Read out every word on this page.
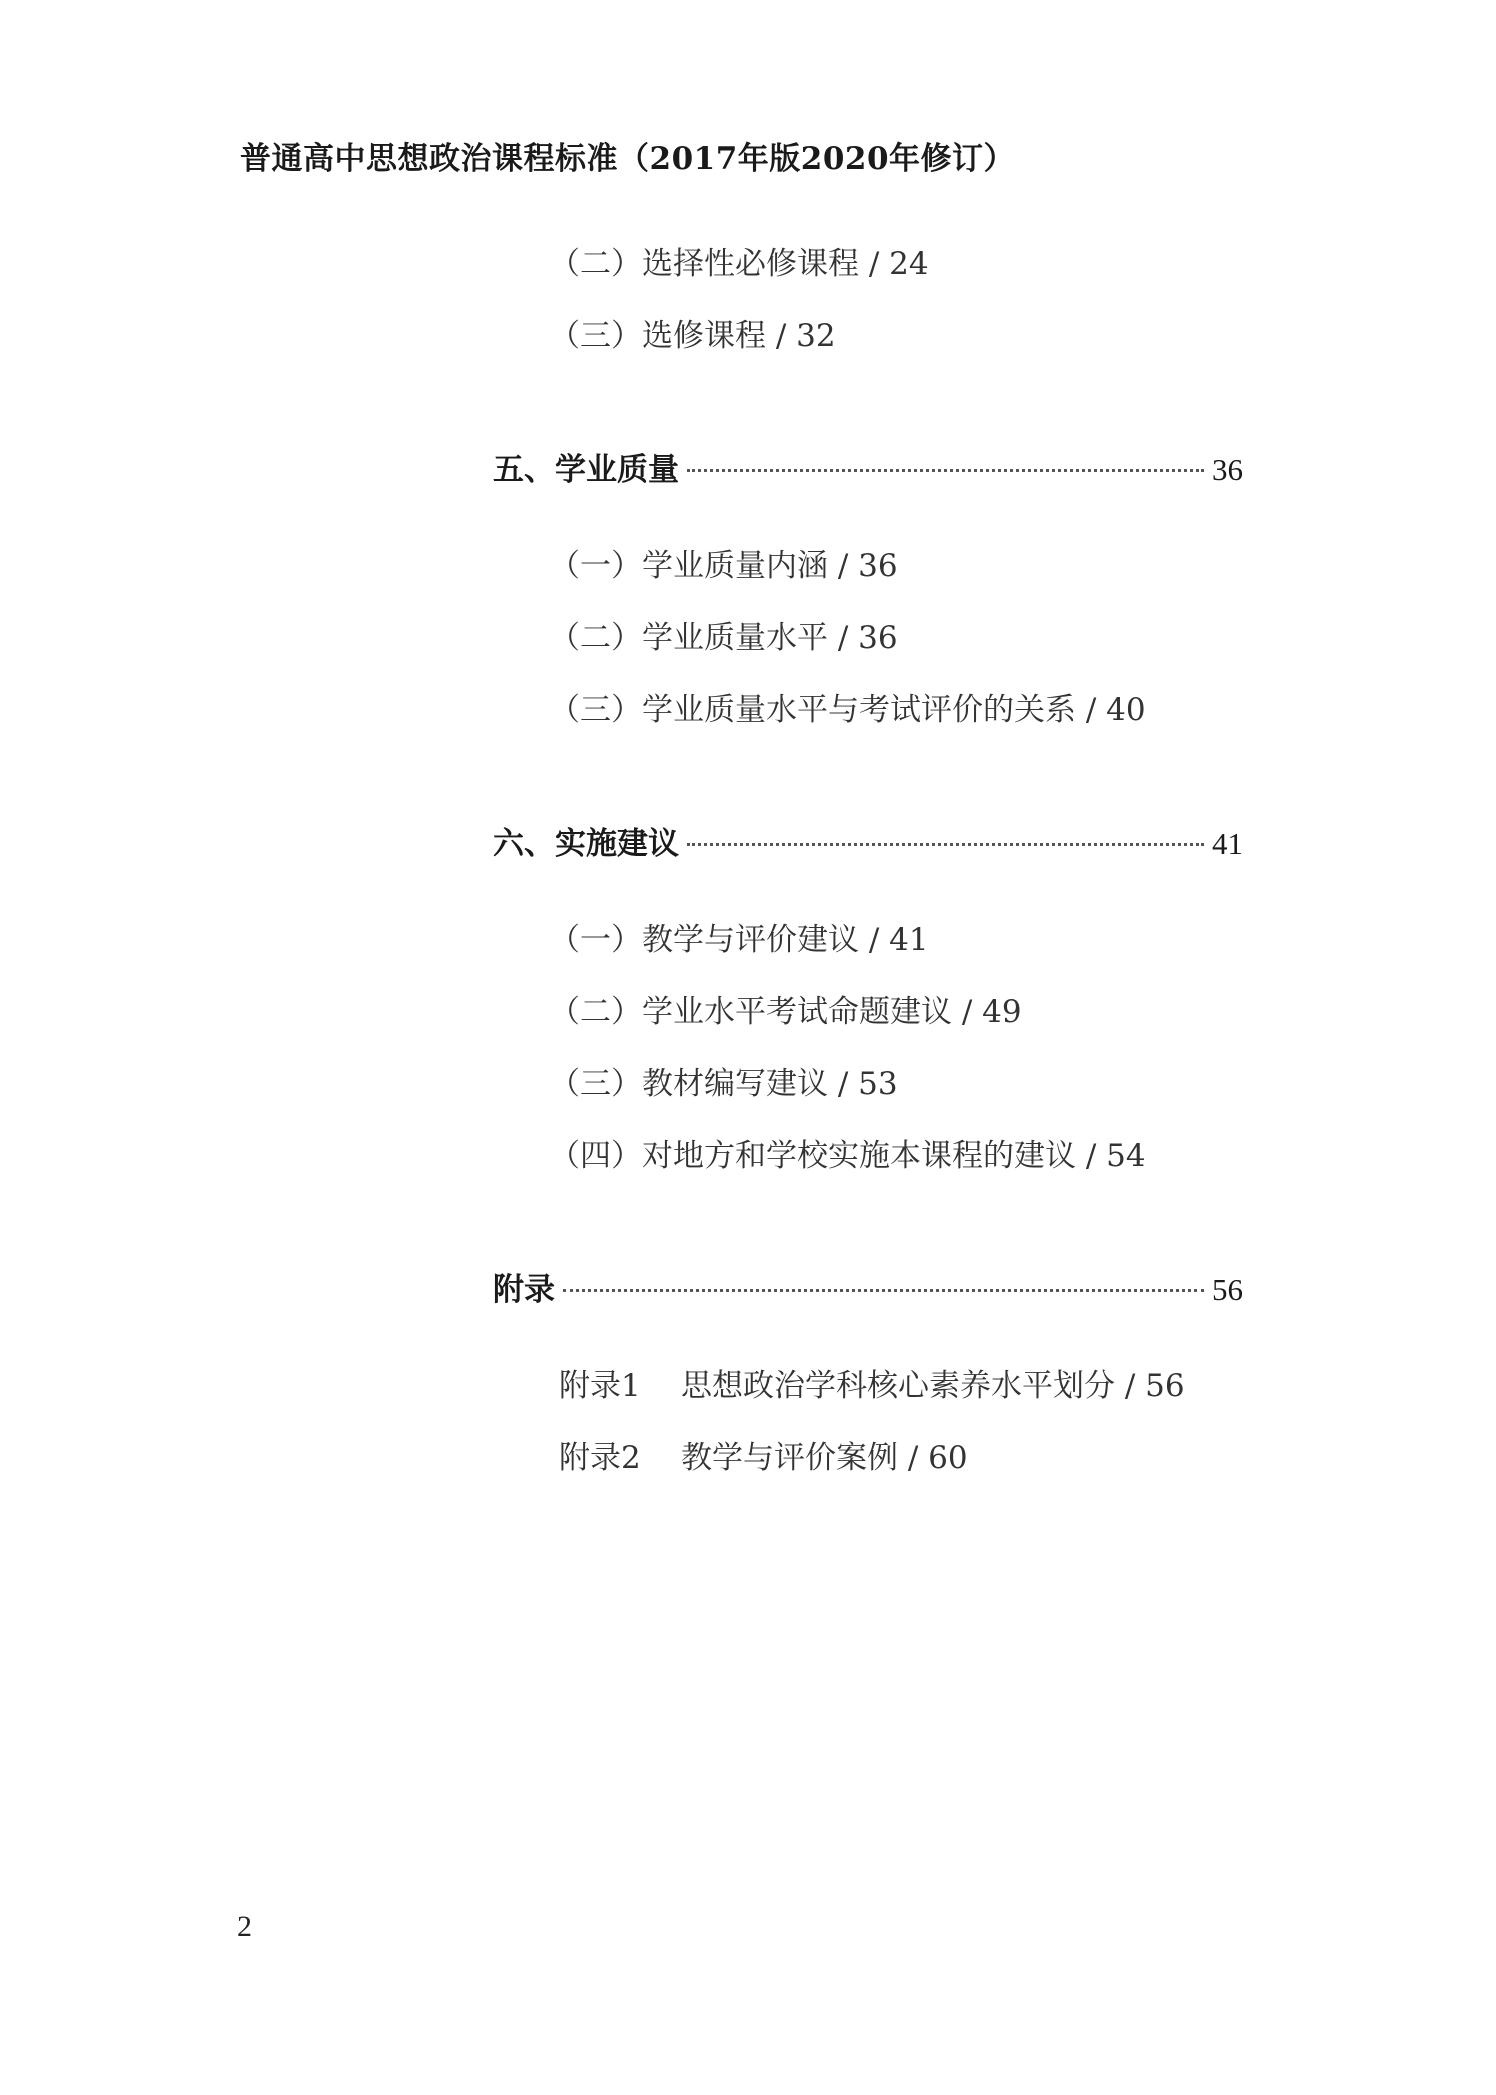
普通高中思想政治课程标准（2017年版2020年修订）
（二）选择性必修课程 / 24
（三）选修课程 / 32
五、学业质量	36
（一）学业质量内涵 / 36
（二）学业质量水平 / 36
（三）学业质量水平与考试评价的关系 / 40
六、实施建议	41
（一）教学与评价建议 / 41
（二）学业水平考试命题建议 / 49
（三）教材编写建议 / 53
（四）对地方和学校实施本课程的建议 / 54
附录	56
附录1 思想政治学科核心素养水平划分 / 56
附录2 教学与评价案例 / 60
2
